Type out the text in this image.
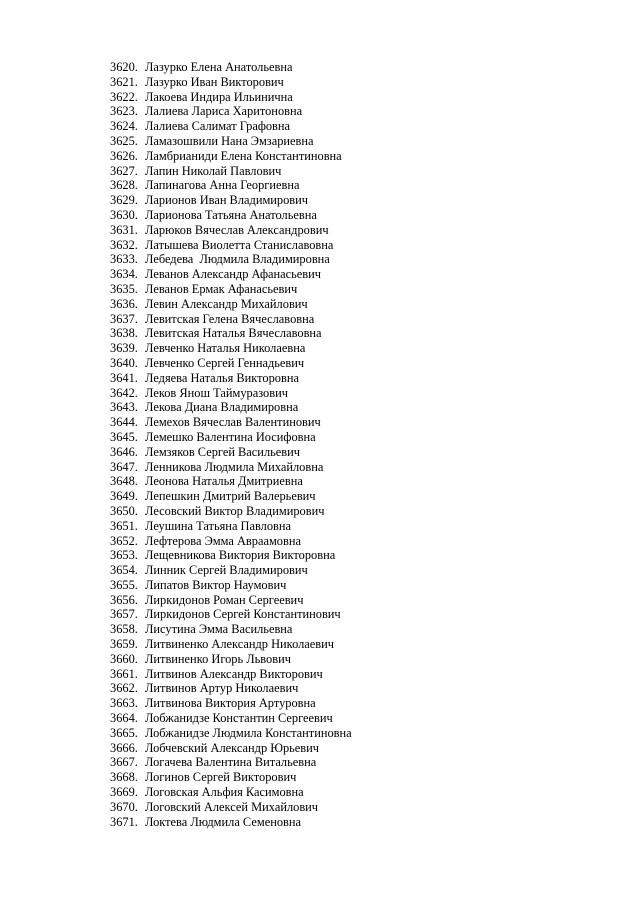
3620. Лазурко Елена Анатольевна
3621. Лазурко Иван Викторович
3622. Лакоева Индира Ильинична
3623. Лалиева Лариса Харитоновна
3624. Лалиева Салимат Графовна
3625. Ламазошвили Нана Эмзариевна
3626. Ламбрианиди Елена Константиновна
3627. Лапин Николай Павлович
3628. Лапинагова Анна Георгиевна
3629. Ларионов Иван Владимирович
3630. Ларионова Татьяна Анатольевна
3631. Ларюков Вячеслав Александрович
3632. Латышева Виолетта Станиславовна
3633. Лебедева  Людмила Владимировна
3634. Леванов Александр Афанасьевич
3635. Леванов Ермак Афанасьевич
3636. Левин Александр Михайлович
3637. Левитская Гелена Вячеславовна
3638. Левитская Наталья Вячеславовна
3639. Левченко Наталья Николаевна
3640. Левченко Сергей Геннадьевич
3641. Ледяева Наталья Викторовна
3642. Леков Янош Таймуразович
3643. Лекова Диана Владимировна
3644. Лемехов Вячеслав Валентинович
3645. Лемешко Валентина Иосифовна
3646. Лемзяков Сергей Васильевич
3647. Ленникова Людмила Михайловна
3648. Леонова Наталья Дмитриевна
3649. Лепешкин Дмитрий Валерьевич
3650. Лесовский Виктор Владимирович
3651. Леушина Татьяна Павловна
3652. Лефтерова Эмма Авраамовна
3653. Лещевникова Виктория Викторовна
3654. Линник Сергей Владимирович
3655. Липатов Виктор Наумович
3656. Лиркидонов Роман Сергеевич
3657. Лиркидонов Сергей Константинович
3658. Лисутина Эмма Васильевна
3659. Литвиненко Александр Николаевич
3660. Литвиненко Игорь Львович
3661. Литвинов Александр Викторович
3662. Литвинов Артур Николаевич
3663. Литвинова Виктория Артуровна
3664. Лобжанидзе Константин Сергеевич
3665. Лобжанидзе Людмила Константиновна
3666. Лобчевский Александр Юрьевич
3667. Логачева Валентина Витальевна
3668. Логинов Сергей Викторович
3669. Логовская Альфия Касимовна
3670. Логовский Алексей Михайлович
3671. Локтева Людмила Семеновна
